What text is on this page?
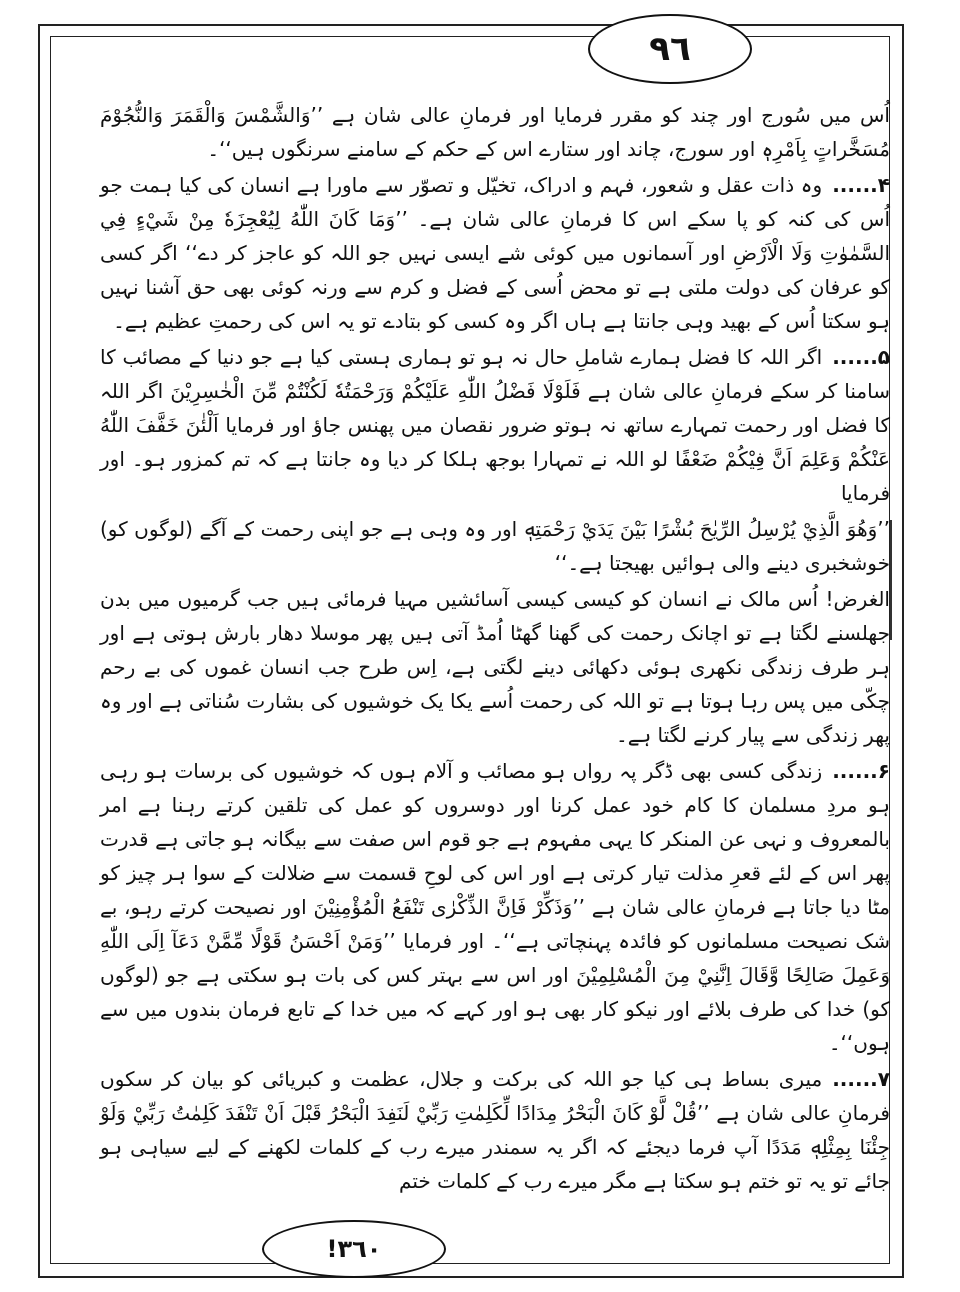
٩٦

اُس میں سُورج اور چند کو مقرر فرمایا اور فرمانِ عالی شان ہے ’’وَالشَّمْسَ وَالْقَمَرَ وَالنُّجُوْمَ مُسَخَّراتٍ بِاَمْرِہٖ اور سورج، چاند اور ستارے اس کے حکم کے سامنے سرنگوں ہیں‘‘۔

۴......وہ ذات عقل و شعور، فہم و ادراک، تخیّل و تصوّر سے ماورا ہے انسان کی کیا ہمت جو اُس کی کنہ کو پا سکے اس کا فرمانِ عالی شان ہے۔ ’’وَمَا كَانَ اللّٰهُ لِيُعْجِزَهٗ مِنْ شَيْءٍ فِي السَّمٰوٰتِ وَلَا الْاَرْضِ اور آسمانوں میں کوئی شے ایسی نہیں جو اللہ کو عاجز کر دے‘‘ اگر کسی کو عرفان کی دولت ملتی ہے تو محض اُسی کے فضل و کرم سے ورنہ کوئی بھی حق آشنا نہیں ہو سکتا اُس کے بھید وہی جانتا ہے ہاں اگر وہ کسی کو بتادے تو یہ اس کی رحمتِ عظیم ہے۔

۵......اگر اللہ کا فضل ہمارے شاملِ حال نہ ہو تو ہماری ہستی کیا ہے جو دنیا کے مصائب کا سامنا کر سکے فرمانِ عالی شان ہے فَلَوْلَا فَضْلُ اللّٰهِ عَلَيْكُمْ وَرَحْمَتُهٗ لَكُنْتُمْ مِّنَ الْخٰسِرِيْنَ اگر اللہ کا فضل اور رحمت تمہارے ساتھ نہ ہوتو ضرور نقصان میں پھنس جاؤ اور فرمایا اَلْئٰنَ خَفَّفَ اللّٰهُ عَنْكُمْ وَعَلِمَ اَنَّ فِيْكُمْ ضَعْفًا لو اللہ نے تمہارا بوجھ ہلکا کر دیا وہ جانتا ہے کہ تم کمزور ہو۔ اور فرمایا

’’وَهُوَ الَّذِيْ يُرْسِلُ الرِّيٰحَ بُشْرًا بَيْنَ يَدَيْ رَحْمَتِهٖ اور وہ وہی ہے جو اپنی رحمت کے آگے (لوگوں کو) خوشخبری دینے والی ہوائیں بھیجتا ہے۔‘‘

الغرض! اُس مالک نے انسان کو کیسی کیسی آسائشیں مہیا فرمائی ہیں جب گرمیوں میں بدن جھلسنے لگتا ہے تو اچانک رحمت کی گھنا گھٹا اُمڈ آتی ہیں پھر موسلا دھار بارش ہوتی ہے اور ہر طرف زندگی نکھری ہوئی دکھائی دینے لگتی ہے، اِس طرح جب انسان غموں کی بے رحم چکّی میں پس رہا ہوتا ہے تو اللہ کی رحمت اُسے یکا یک خوشیوں کی بشارت سُناتی ہے اور وہ پھر زندگی سے پیار کرنے لگتا ہے۔

۶......زندگی کسی بھی ڈگر پہ رواں ہو مصائب و آلام ہوں کہ خوشیوں کی برسات ہو رہی ہو مردِ مسلمان کا کام خود عمل کرنا اور دوسروں کو عمل کی تلقین کرتے رہنا ہے امر بالمعروف و نہی عن المنکر کا یہی مفہوم ہے جو قوم اس صفت سے بیگانہ ہو جاتی ہے قدرت پھر اس کے لئے قعرِ مذلت تیار کرتی ہے اور اس کی لوحِ قسمت سے ضلالت کے سوا ہر چیز کو مٹا دیا جاتا ہے فرمانِ عالی شان ہے ’’وَذَكِّرْ فَاِنَّ الذِّكْرٰى تَنْفَعُ الْمُؤْمِنِيْنَ اور نصیحت کرتے رہو، بے شک نصیحت مسلمانوں کو فائدہ پہنچاتی ہے‘‘۔ اور فرمایا ’’وَمَنْ اَحْسَنُ قَوْلًا مِّمَّنْ دَعَآ اِلَى اللّٰهِ وَعَمِلَ صَالِحًا وَّقَالَ اِنَّنِيْ مِنَ الْمُسْلِمِيْنَ اور اس سے بہتر کس کی بات ہو سکتی ہے جو (لوگوں کو) خدا کی طرف بلائے اور نیکو کار بھی ہو اور کہے کہ میں خدا کے تابع فرمان بندوں میں سے ہوں‘‘۔

۷......میری بساط ہی کیا جو اللہ کی برکت و جلال، عظمت و کبریائی کو بیان کر سکوں فرمانِ عالی شان ہے ’’قُلْ لَّوْ كَانَ الْبَحْرُ مِدَادًا لِّكَلِمٰتِ رَبِّيْ لَنَفِدَ الْبَحْرُ قَبْلَ اَنْ تَنْفَدَ كَلِمٰتُ رَبِّيْ وَلَوْ جِئْنَا بِمِثْلِهٖ مَدَدًا آپ فرما دیجئے کہ اگر یہ سمندر میرے رب کے کلمات لکھنے کے لیے سیاہی ہو جائے تو یہ تو ختم ہو سکتا ہے مگر میرے رب کے کلمات ختم

!٣٦٠
